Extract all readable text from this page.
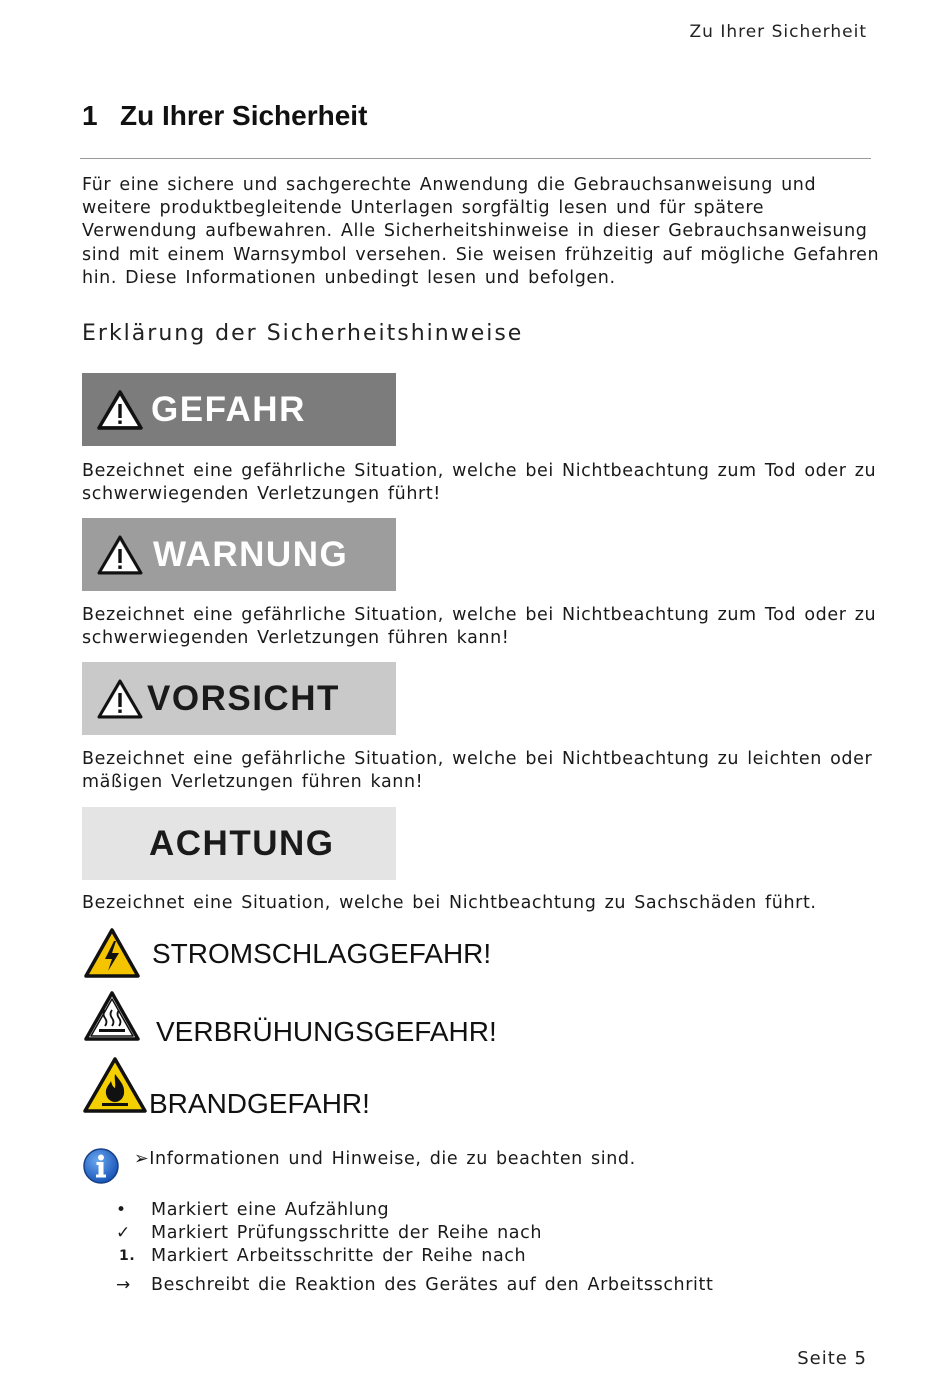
Zu Ihrer Sicherheit
1 Zu Ihrer Sicherheit
Für eine sichere und sachgerechte Anwendung die Gebrauchsanweisung und weitere produktbegleitende Unterlagen sorgfältig lesen und für spätere Verwendung aufbewahren. Alle Sicherheitshinweise in dieser Gebrauchsanweisung sind mit einem Warnsymbol versehen. Sie weisen frühzeitig auf mögliche Gefahren hin. Diese Informationen unbedingt lesen und befolgen.
Erklärung der Sicherheitshinweise
GEFAHR
Bezeichnet eine gefährliche Situation, welche bei Nichtbeachtung zum Tod oder zu schwerwiegenden Verletzungen führt!
WARNUNG
Bezeichnet eine gefährliche Situation, welche bei Nichtbeachtung zum Tod oder zu schwerwiegenden Verletzungen führen kann!
VORSICHT
Bezeichnet eine gefährliche Situation, welche bei Nichtbeachtung zu leichten oder mäßigen Verletzungen führen kann!
ACHTUNG
Bezeichnet eine Situation, welche bei Nichtbeachtung zu Sachschäden führt.
STROMSCHLAGGEFAHR!
VERBRÜHUNGSGEFAHR!
BRANDGEFAHR!
➢Informationen und Hinweise, die zu beachten sind.
•	Markiert eine Aufzählung
✓	Markiert Prüfungsschritte der Reihe nach
1. Markiert Arbeitsschritte der Reihe nach
→	Beschreibt die Reaktion des Gerätes auf den Arbeitsschritt
Seite 5
